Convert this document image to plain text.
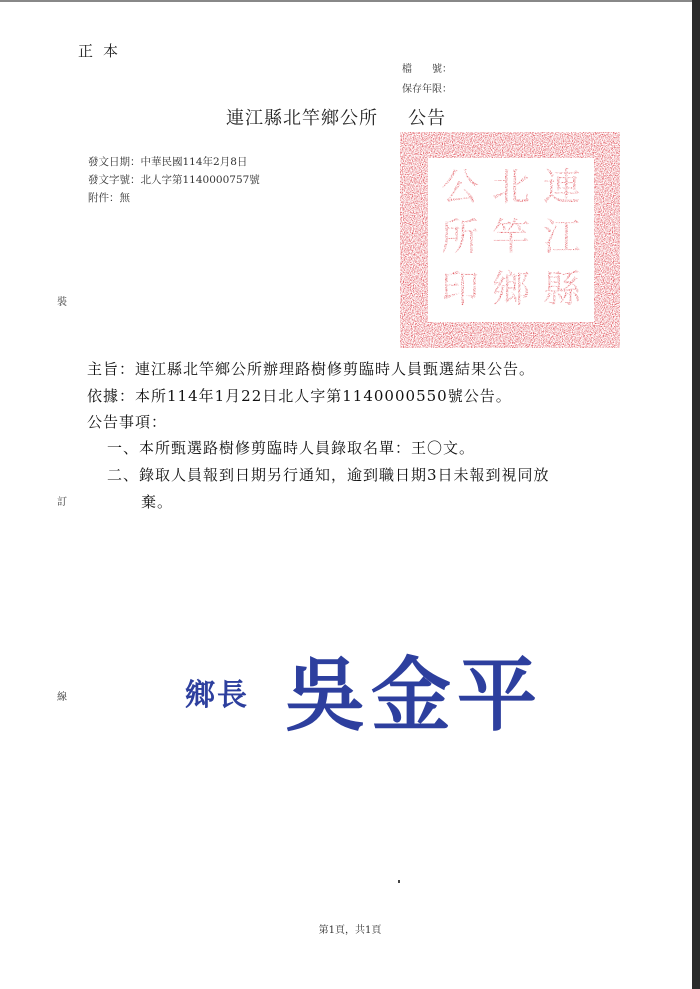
正本
檔　　號：
保存年限：
連江縣北竿鄉公所 公告
發文日期：中華民國114年2月8日
發文字號：北人字第1140000757號
附件：無
裝
訂
線
連
江
縣
北
竿
鄉
公
所
印
主旨：連江縣北竿鄉公所辦理路樹修剪臨時人員甄選結果公告。
依據：本所114年1月22日北人字第1140000550號公告。
公告事項：
一、本所甄選路樹修剪臨時人員錄取名單：王〇文。
二、錄取人員報到日期另行通知，逾到職日期3日未報到視同放
棄。
鄉長 吳金平
第1頁，共1頁
